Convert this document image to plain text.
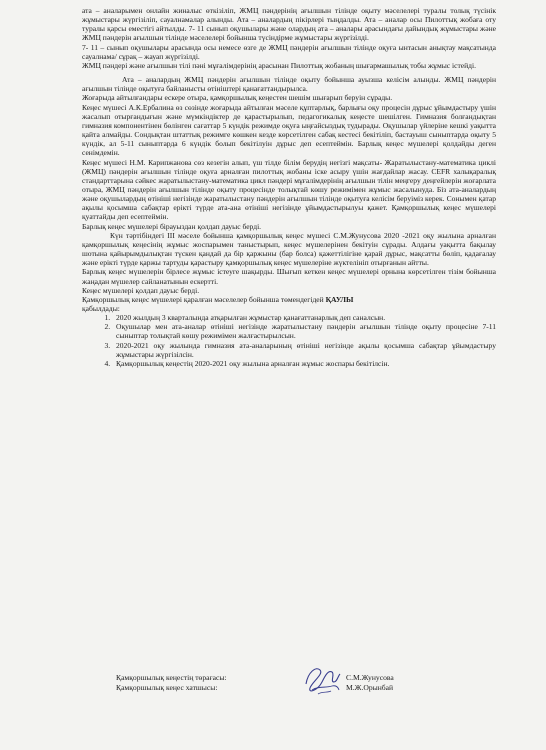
ата – аналарымен онлайн жиналыс өткізіліп, ЖМЦ пәндерінің ағылшын тілінде оқыту мәселелері туралы толық түсінік жұмыстары жүргізіліп, сауалнамалар алынды. Ата – аналардың пікірлері тыңдалды. Ата – аналар осы Пилоттық жобаға оту туралы қарсы еместігі айтылды. 7- 11 сынып оқушылары және олардың ата – аналары арасындағы дайындық жұмыстары және ЖМЦ пәндерін ағылшын тілінде мәселелері бойынша түсіндірме жұмыстары жүргізілді.

7- 11 – сынып оқушылары арасында осы немесе өзге де ЖМЦ пәндерін ағылшын тілінде оқуға ынтасын анықтау мақсатында сауалнама/ сұрақ – жауап жүргізілді.

ЖМЦ пәндері және ағылшын тілі пәні мұғалімдерінің арасынан Пилоттық жобаның шығармашылық тобы жұмыс істейді.

Ата – аналардың ЖМЦ пәндерін ағылшын тілінде оқыту бойынша ауызша келісім алынды. ЖМЦ пәндерін ағылшын тілінде оқытуға байланысты өтініштері қанағаттандырылса.

Жоғарыда айтылғандары ескере отыра, қамқоршылық кеңестен шешім шығарып беруін сұрады.

Кеңес мүшесі А.К.Ербалина өз сөзінде жоғарыда айтылған мәселе құптарлық, барлығы оқу процесін дұрыс ұйымдастыру үшін жасалып отырғандығын және мүмкіндіктер де қарастырылып, педагогикалық кеңесте шешілген. Гимназия болғандықтан гимназия компонентінен бөлінген сағаттар 5 күндік режимде оқуға ыңғайсыздық тудырады. Оқушылар үйлеріне кешкі уақытта қайта алмайды. Сондықтан штаттық режимге көшкен кезде көрсетілген сабақ кестесі бекітіліп, бастауыш сыныптарда оқыту 5 күндік, ал 5-11 сыныптарда 6 күндік болып бекітілуін дұрыс деп есептеймін. Барлық кеңес мүшелері қолдайды деген сенімдемін.

Кеңес мүшесі Н.М. Карипжанова сөз кезегін алып, үш тілде білім берудің негізгі мақсаты- Жаратылыстану-математика циклі (ЖМЦ) пәндерін ағылшын тілінде оқуға арналған пилоттық жобаны іске асыру үшін жағдайлар жасау. CEFR халықаралық стандарттарына сәйкес жаратылыстану-математика цикл пәндері мұғалімдерінің ағылшын тілін меңгеру деңгейлерін жоғарлата отыра, ЖМЦ пәндерін ағылшын тілінде оқыту процесінде толықтай көшу режимімен жұмыс жасалынуда. Біз ата-аналардың және оқушылардың өтініші негізінде жаратылыстану пәндерін ағылшын тілінде оқытуға келісім беруіміз керек. Сонымен қатар ақылы қосымша сабақтар ерікті түрде ата-ана өтініші негізінде ұйымдастырылуы қажет. Қамқоршылық кеңес мүшелері қуаттайды деп есептеймін.

Барлық кеңес мүшелері бірауыздан қолдап дауыс берді.

Күн тәртібіндегі ІІІ мәселе бойынша қамқоршылық кеңес мүшесі С.М.Жунусова 2020 -2021 оқу жылына арналған қамқоршылық кеңесінің жұмыс жоспарымен таныстырып, кеңес мүшелерінен бекітуін сұрады. Алдағы уақытта бақылау шотына қайырымдылықтан түскен қандай да бір қаржыны (бар болса) қажеттілігіне қарай дұрыс, мақсатты бөліп, қадағалау және ерікті түрде қаржы тартуды қарастыру қамқоршылық кеңес мүшелеріне жүктелініп отырғанын айтты.

Барлық кеңес мүшелерін бірлесе жұмыс істеуге шақырды. Шығып кеткен кеңес мүшелері орнына көрсетілген тізім бойынша жаңадан мүшелер сайланатынын ескертті.

Кеңес мүшелері қолдап дауыс берді.

Қамқоршылық кеңес мүшелері қаралған мәселелер бойынша төмендегідей ҚАУЛЫ

қабылдады:

1. 2020 жылдың 3 кварталында атқарылған жұмыстар қанағаттанарлық деп саналсын.
2. Оқушылар мен ата-аналар өтініші негізінде жаратылыстану пәндерін ағылшын тілінде оқыту процесіне 7-11 сыныптар толықтай көшу режимімен жалғастырылсын.
3. 2020-2021 оқу жылында гимназия ата-аналарының өтініші негізінде ақылы қосымша сабақтар ұйымдастыру жұмыстары жүргізілсін.
4. Қамқоршылық кеңестің 2020-2021 оқу жылына арналған жұмыс жоспары бекітілсін.
Қамқоршылық кеңестің төрағасы:	С.М.Жунусова
Қамқоршылық кеңес хатшысы:	М.Ж.Орынбай
